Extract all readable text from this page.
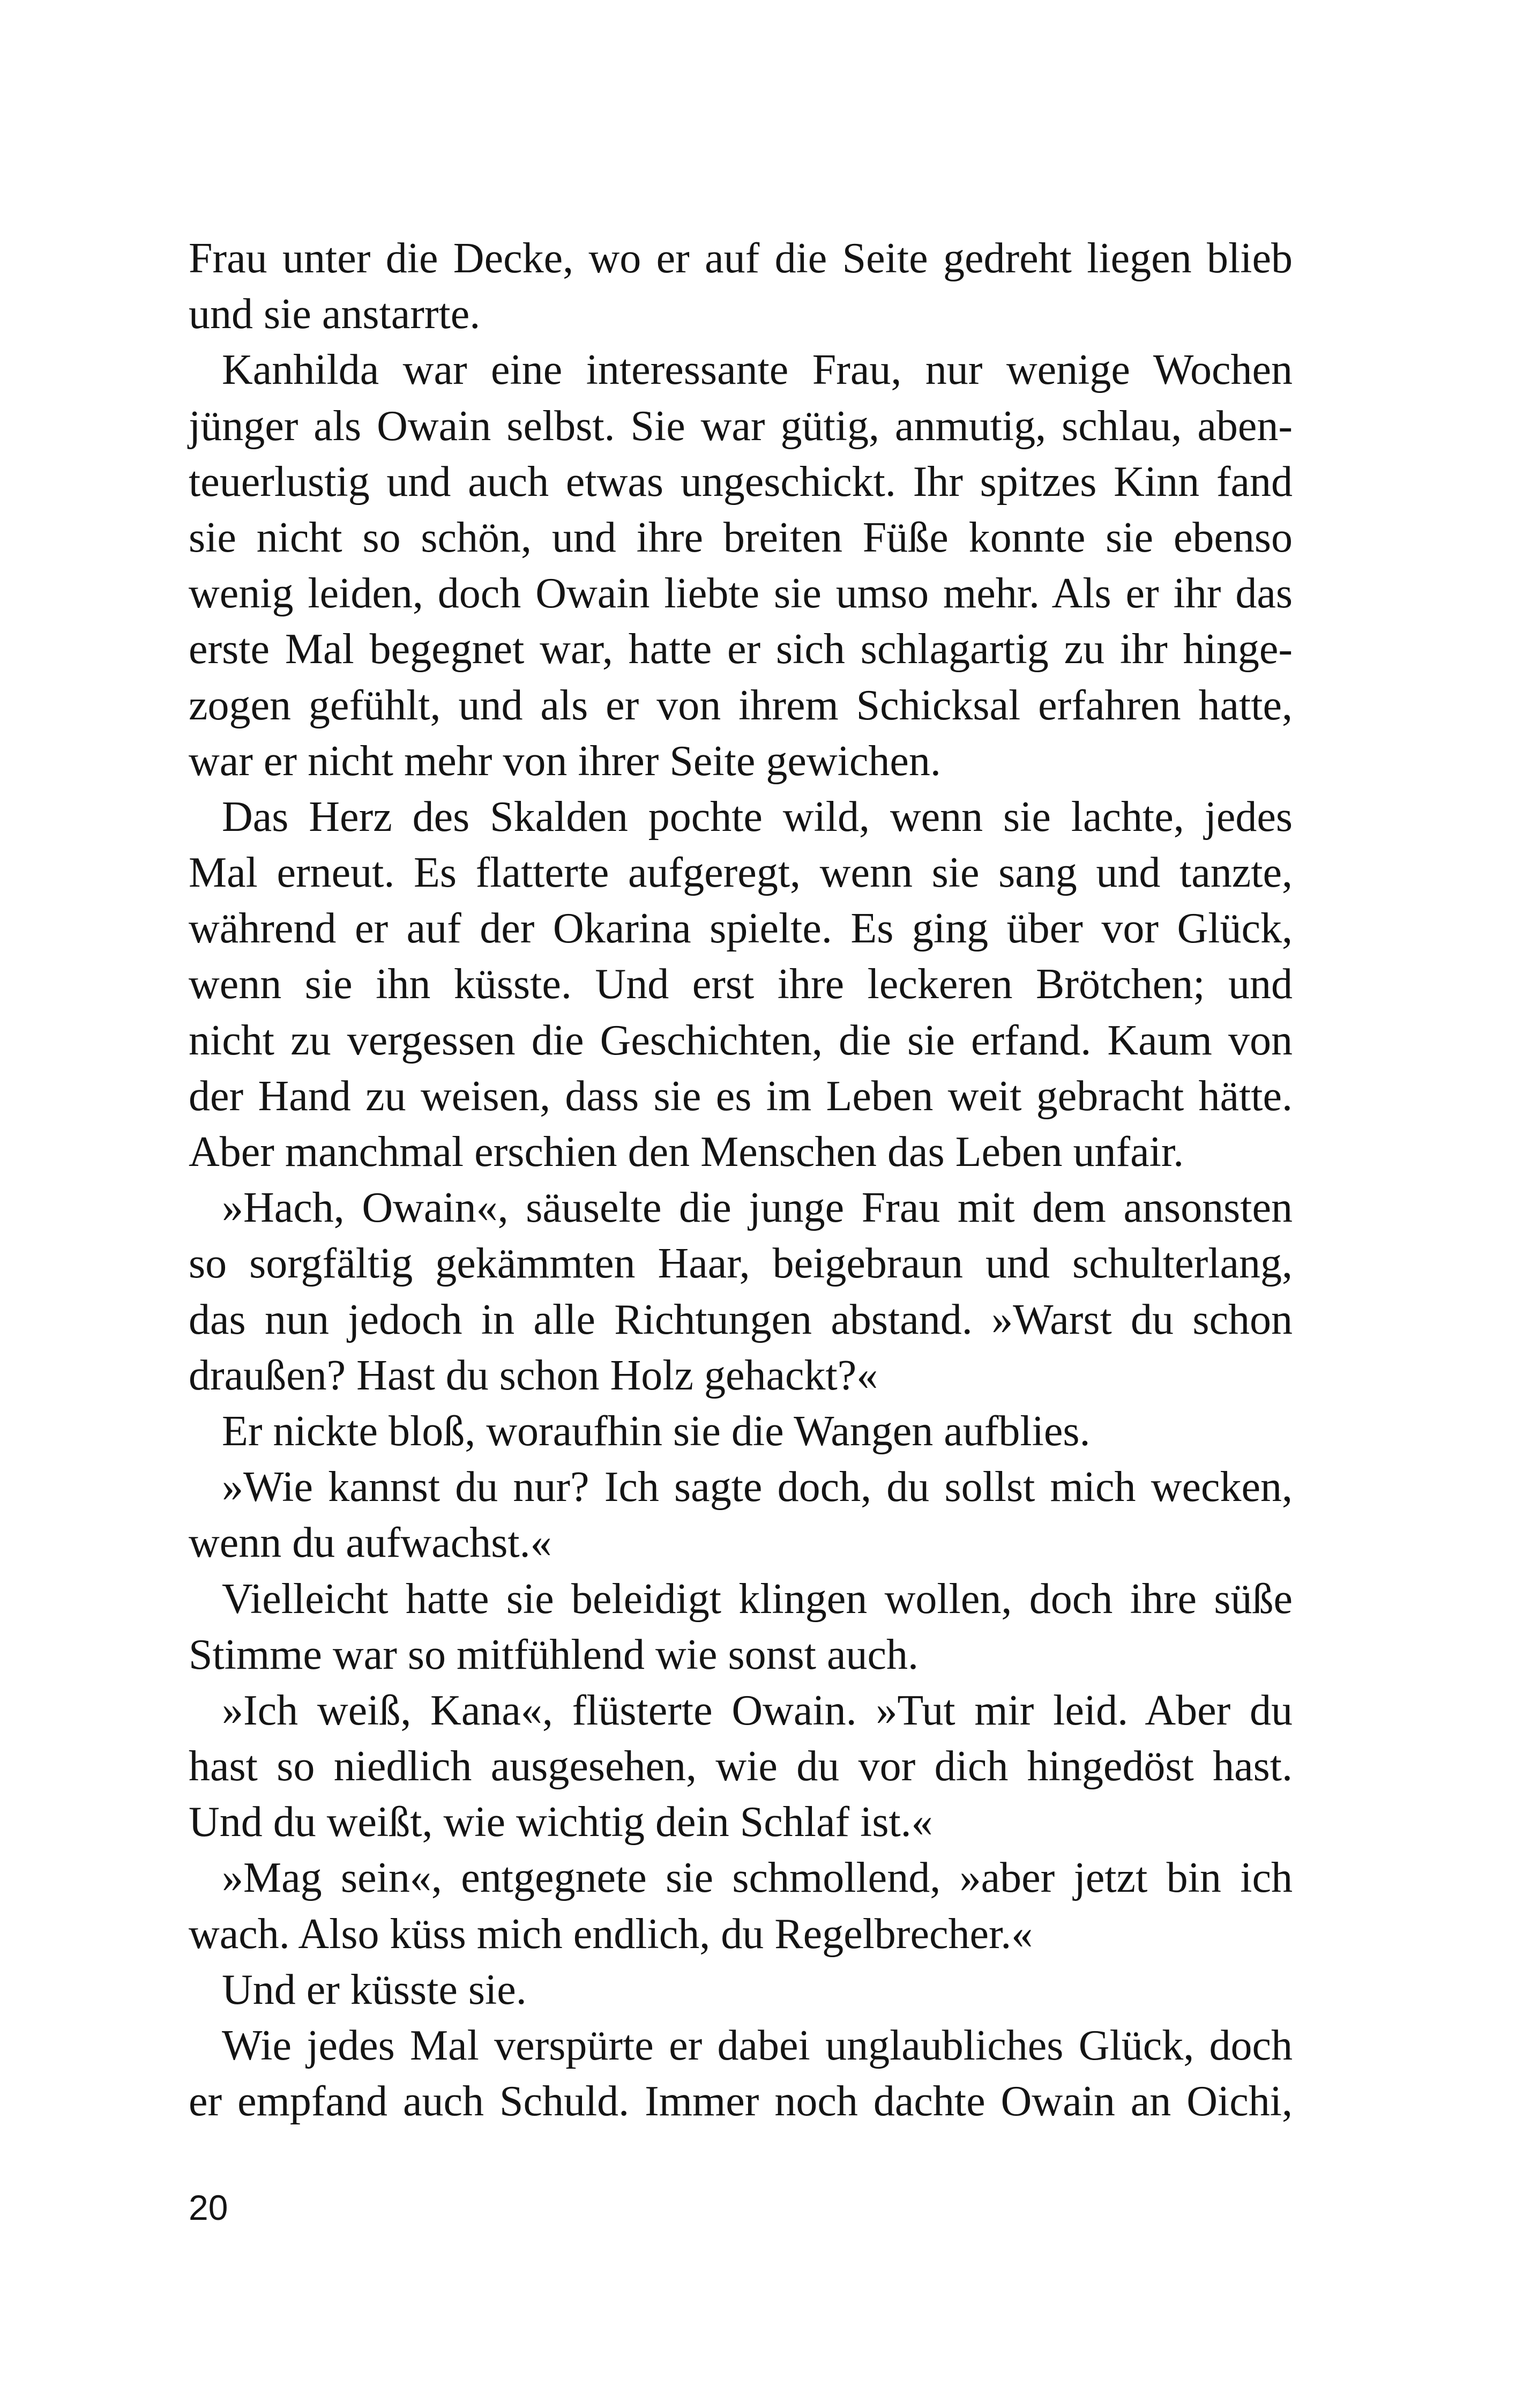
Frau unter die Decke, wo er auf die Seite gedreht liegen blieb
und sie anstarrte.
Kanhilda war eine interessante Frau, nur wenige Wochen
jünger als Owain selbst. Sie war gütig, anmutig, schlau, aben-
teuerlustig und auch etwas ungeschickt. Ihr spitzes Kinn fand
sie nicht so schön, und ihre breiten Füße konnte sie ebenso
wenig leiden, doch Owain liebte sie umso mehr. Als er ihr das
erste Mal begegnet war, hatte er sich schlagartig zu ihr hinge-
zogen gefühlt, und als er von ihrem Schicksal erfahren hatte,
war er nicht mehr von ihrer Seite gewichen.
Das Herz des Skalden pochte wild, wenn sie lachte, jedes
Mal erneut. Es flatterte aufgeregt, wenn sie sang und tanzte,
während er auf der Okarina spielte. Es ging über vor Glück,
wenn sie ihn küsste. Und erst ihre leckeren Brötchen; und
nicht zu vergessen die Geschichten, die sie erfand. Kaum von
der Hand zu weisen, dass sie es im Leben weit gebracht hätte.
Aber manchmal erschien den Menschen das Leben unfair.
»Hach, Owain«, säuselte die junge Frau mit dem ansonsten
so sorgfältig gekämmten Haar, beigebraun und schulterlang,
das nun jedoch in alle Richtungen abstand. »Warst du schon
draußen? Hast du schon Holz gehackt?«
Er nickte bloß, woraufhin sie die Wangen aufblies.
»Wie kannst du nur? Ich sagte doch, du sollst mich wecken,
wenn du aufwachst.«
Vielleicht hatte sie beleidigt klingen wollen, doch ihre süße
Stimme war so mitfühlend wie sonst auch.
»Ich weiß, Kana«, flüsterte Owain. »Tut mir leid. Aber du
hast so niedlich ausgesehen, wie du vor dich hingedöst hast.
Und du weißt, wie wichtig dein Schlaf ist.«
»Mag sein«, entgegnete sie schmollend, »aber jetzt bin ich
wach. Also küss mich endlich, du Regelbrecher.«
Und er küsste sie.
Wie jedes Mal verspürte er dabei unglaubliches Glück, doch
er empfand auch Schuld. Immer noch dachte Owain an Oichi,
20
